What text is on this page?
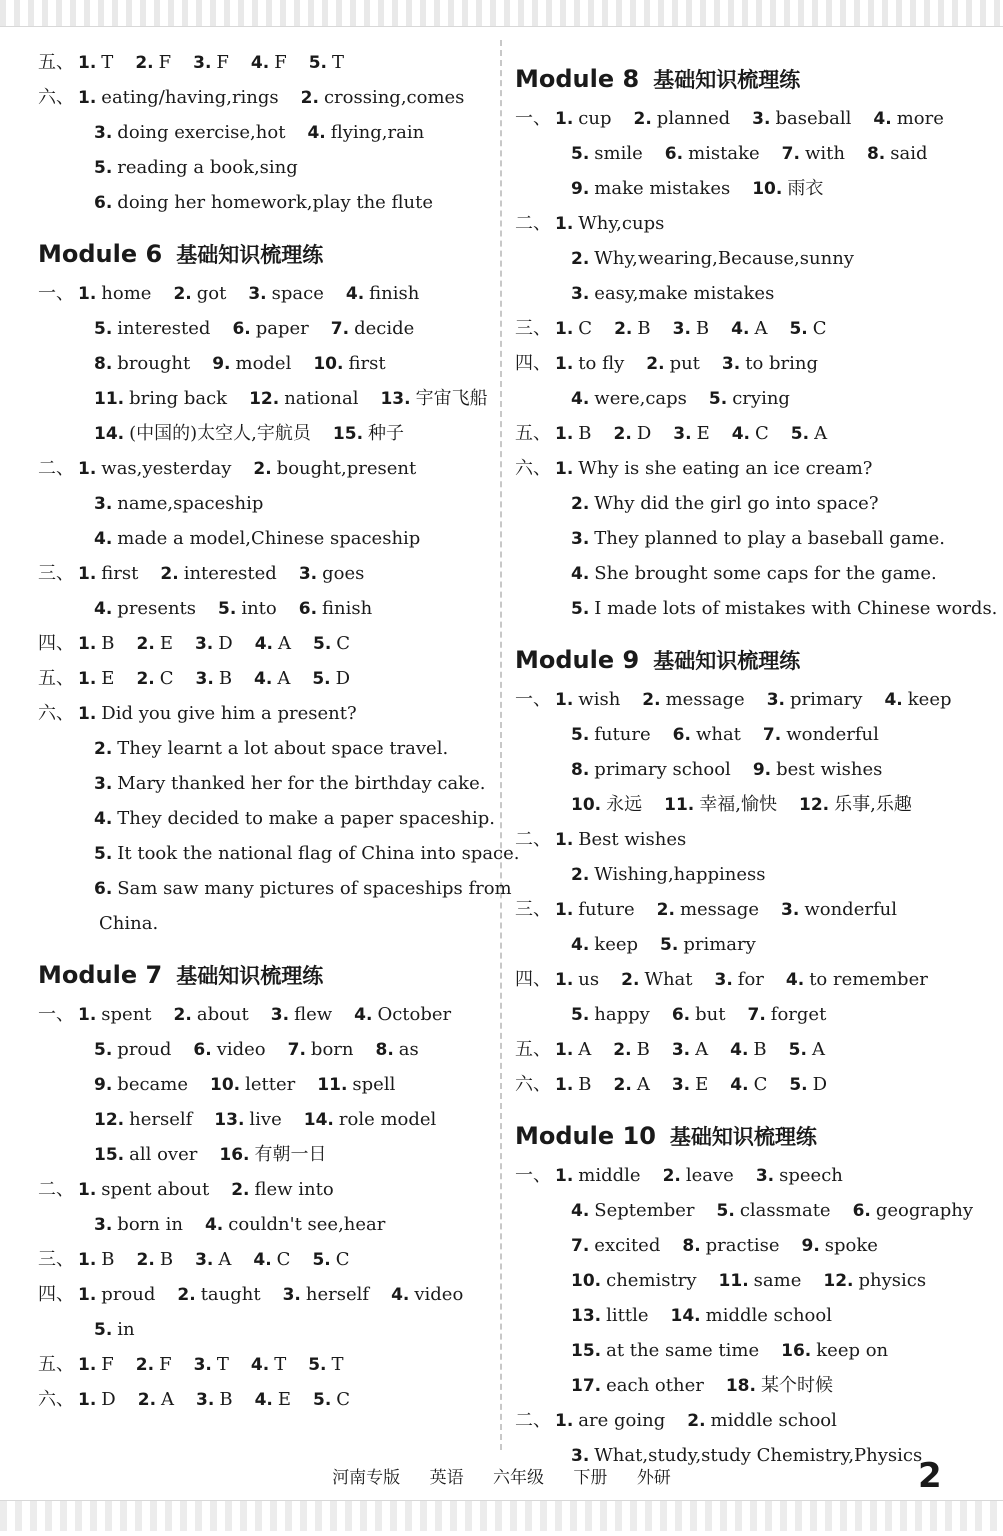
五、 1. T 2. F 3. F 4. F 5. T
六、 1. eating/having,rings 2. crossing,comes
3. doing exercise,hot 4. flying,rain
5. reading a book,sing
6. doing her homework,play the flute
Module 6 基础知识梳理练
一、 1. home 2. got 3. space 4. finish
5. interested 6. paper 7. decide
8. brought 9. model 10. first
11. bring back 12. national 13. 宇宙飞船
14. (中国的)太空人,宇航员 15. 种子
二、 1. was,yesterday 2. bought,present
3. name,spaceship
4. made a model,Chinese spaceship
三、 1. first 2. interested 3. goes
4. presents 5. into 6. finish
四、 1. B 2. E 3. D 4. A 5. C
五、 1. E 2. C 3. B 4. A 5. D
六、 1. Did you give him a present?
2. They learnt a lot about space travel.
3. Mary thanked her for the birthday cake.
4. They decided to make a paper spaceship.
5. It took the national flag of China into space.
6. Sam saw many pictures of spaceships from
China.
Module 7 基础知识梳理练
一、 1. spent 2. about 3. flew 4. October
5. proud 6. video 7. born 8. as
9. became 10. letter 11. spell
12. herself 13. live 14. role model
15. all over 16. 有朝一日
二、 1. spent about 2. flew into
3. born in 4. couldn't see,hear
三、 1. B 2. B 3. A 4. C 5. C
四、 1. proud 2. taught 3. herself 4. video
5. in
五、 1. F 2. F 3. T 4. T 5. T
六、 1. D 2. A 3. B 4. E 5. C
Module 8 基础知识梳理练
一、 1. cup 2. planned 3. baseball 4. more
5. smile 6. mistake 7. with 8. said
9. make mistakes 10. 雨衣
二、 1. Why,cups
2. Why,wearing,Because,sunny
3. easy,make mistakes
三、 1. C 2. B 3. B 4. A 5. C
四、 1. to fly 2. put 3. to bring
4. were,caps 5. crying
五、 1. B 2. D 3. E 4. C 5. A
六、 1. Why is she eating an ice cream?
2. Why did the girl go into space?
3. They planned to play a baseball game.
4. She brought some caps for the game.
5. I made lots of mistakes with Chinese words.
Module 9 基础知识梳理练
一、 1. wish 2. message 3. primary 4. keep
5. future 6. what 7. wonderful
8. primary school 9. best wishes
10. 永远 11. 幸福,愉快 12. 乐事,乐趣
二、 1. Best wishes
2. Wishing,happiness
三、 1. future 2. message 3. wonderful
4. keep 5. primary
四、 1. us 2. What 3. for 4. to remember
5. happy 6. but 7. forget
五、 1. A 2. B 3. A 4. B 5. A
六、 1. B 2. A 3. E 4. C 5. D
Module 10 基础知识梳理练
一、 1. middle 2. leave 3. speech
4. September 5. classmate 6. geography
7. excited 8. practise 9. spoke
10. chemistry 11. same 12. physics
13. little 14. middle school
15. at the same time 16. keep on
17. each other 18. 某个时候
二、 1. are going 2. middle school
3. What,study,study Chemistry,Physics
河南专版 英语 六年级 下册 外研	2
